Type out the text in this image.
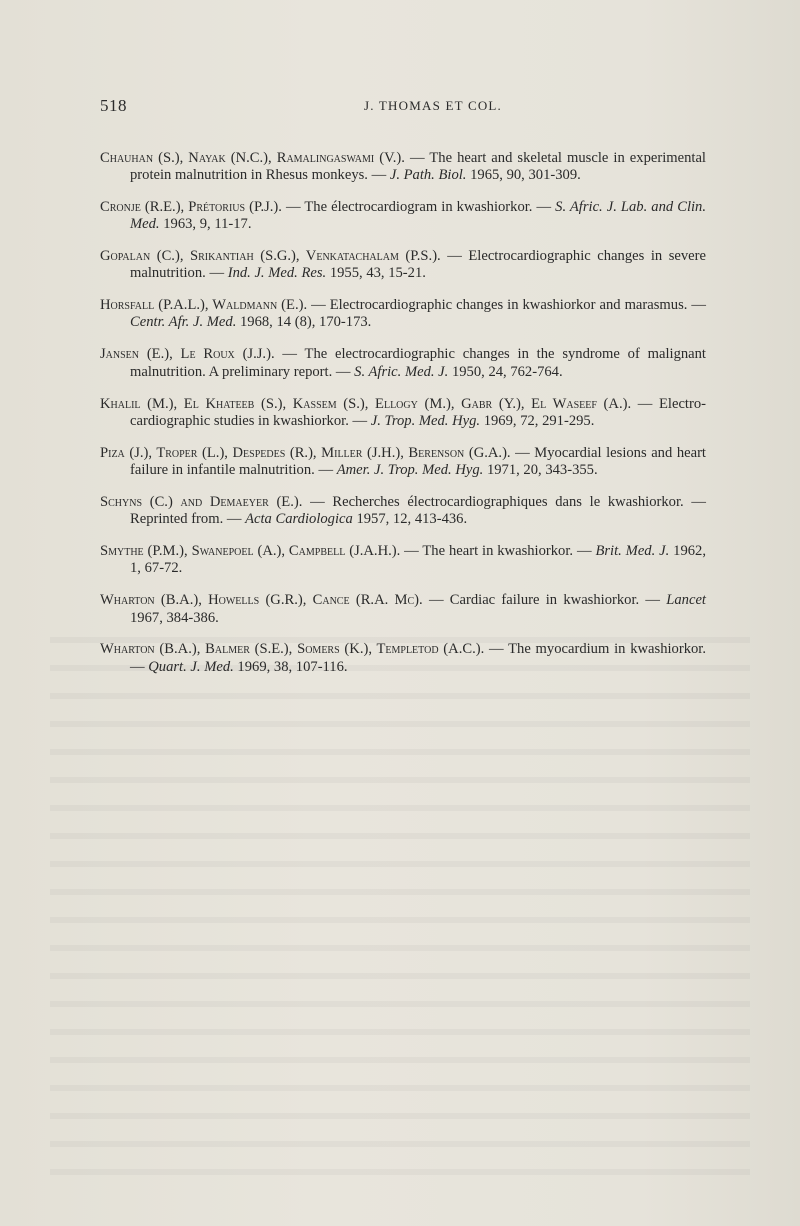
518	J. THOMAS ET COL.

Chauhan (S.), Nayak (N.C.), Ramalingaswami (V.). — The heart and skeletal muscle in experimental protein malnutrition in Rhesus monkeys. — J. Path. Biol. 1965, 90, 301-309.

Cronje (R.E.), Prétorius (P.J.). — The électrocardiogram in kwashiorkor. — S. Afric. J. Lab. and Clin. Med. 1963, 9, 11-17.

Gopalan (C.), Srikantiah (S.G.), Venkatachalam (P.S.). — Electrocardiographic changes in severe malnutrition. — Ind. J. Med. Res. 1955, 43, 15-21.

Horsfall (P.A.L.), Waldmann (E.). — Electrocardiographic changes in kwashiorkor and marasmus. — Centr. Afr. J. Med. 1968, 14 (8), 170-173.

Jansen (E.), Le Roux (J.J.). — The electrocardiographic changes in the syndrome of malignant malnutrition. A preliminary report. — S. Afric. Med. J. 1950, 24, 762-764.

Khalil (M.), El Khateeb (S.), Kassem (S.), Ellogy (M.), Gabr (Y.), El Waseef (A.). — Electro-cardiographic studies in kwashiorkor. — J. Trop. Med. Hyg. 1969, 72, 291-295.

Piza (J.), Troper (L.), Despedes (R.), Miller (J.H.), Berenson (G.A.). — Myocardial lesions and heart failure in infantile malnutrition. — Amer. J. Trop. Med. Hyg. 1971, 20, 343-355.

Schyns (C.) and Demaeyer (E.). — Recherches électrocardiographiques dans le kwashiorkor. — Reprinted from. — Acta Cardiologica 1957, 12, 413-436.

Smythe (P.M.), Swanepoel (A.), Campbell (J.A.H.). — The heart in kwashiorkor. — Brit. Med. J. 1962, 1, 67-72.

Wharton (B.A.), Howells (G.R.), Cance (R.A. Mc). — Cardiac failure in kwashiorkor. — Lancet 1967, 384-386.

Wharton (B.A.), Balmer (S.E.), Somers (K.), Templetod (A.C.). — The myocardium in kwashiorkor. — Quart. J. Med. 1969, 38, 107-116.
